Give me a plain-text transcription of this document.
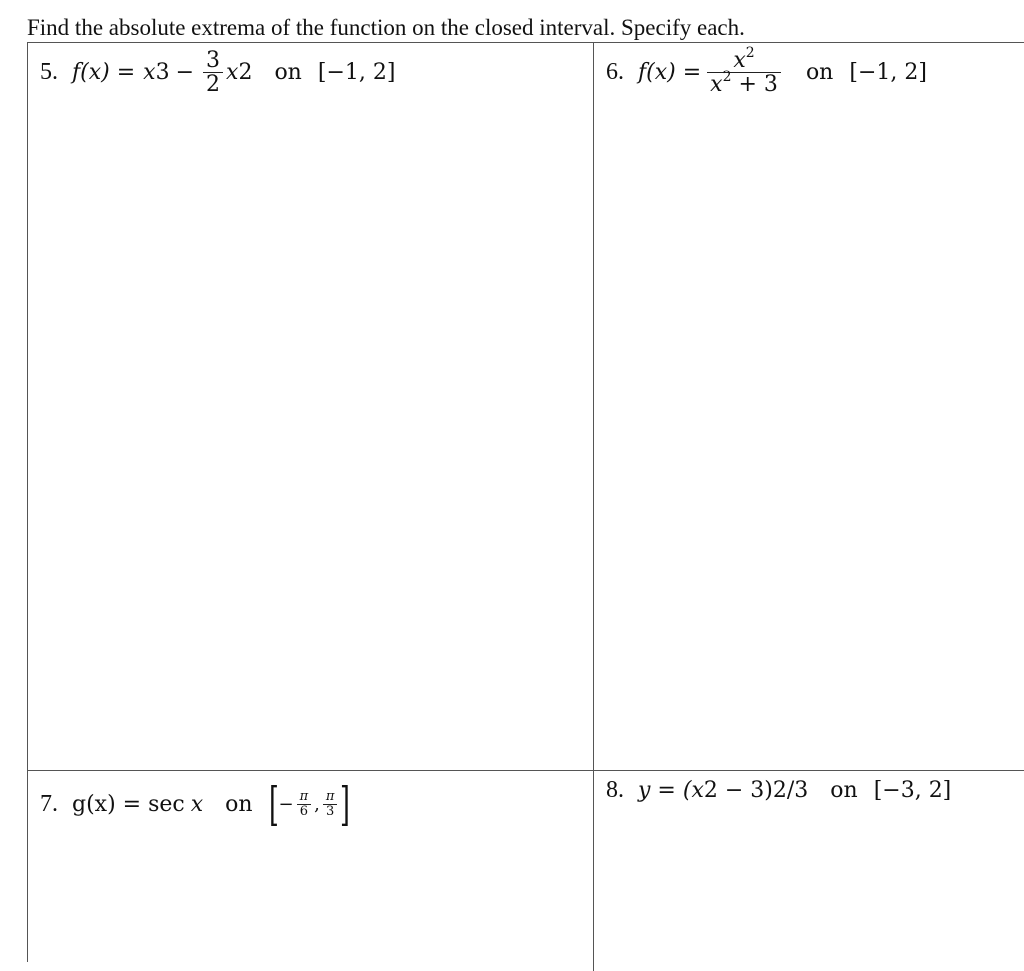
Find the absolute extrema of the function on the closed interval. Specify each.
5. f(x) = x $3 - \frac{3}{2}$ x 2 on [−1, 2]	6. $f(x) = \frac{x^2}{x^2 + 3}$ on [−1, 2]
7. g(x) = sec x on [ − $\frac{\pi}{6}$ , $\frac{\pi}{3}$ ]	8. y = ( x 2 − 3) 2/3 on [−3, 2]
